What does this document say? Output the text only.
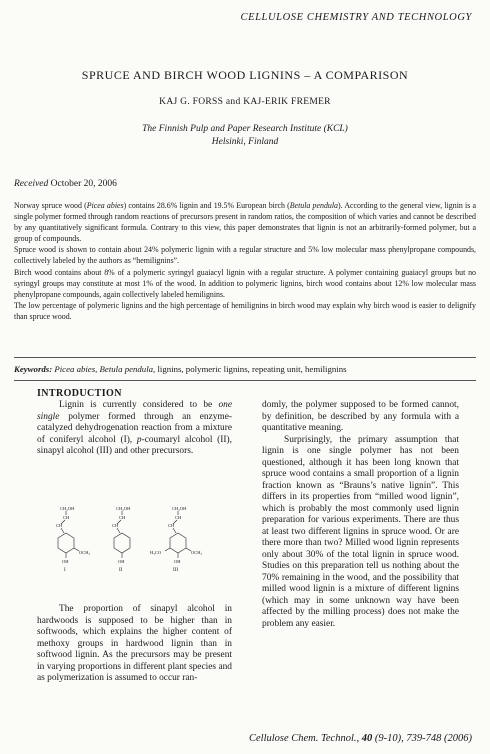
CELLULOSE CHEMISTRY AND TECHNOLOGY
SPRUCE AND BIRCH WOOD LIGNINS – A COMPARISON
KAJ G. FORSS and KAJ-ERIK FREMER
The Finnish Pulp and Paper Research Institute (KCL)
Helsinki, Finland
Received October 20, 2006

Norway spruce wood (Picea abies) contains 28.6% lignin and 19.5% European birch (Betula pendula). According to the general view, lignin is a single polymer formed through random reactions of precursors present in random ratios, the composition of which varies and cannot be described by any quantitatively significant formula. Contrary to this view, this paper demonstrates that lignin is not an arbitrarily-formed polymer, but a group of compounds.

Spruce wood is shown to contain about 24% polymeric lignin with a regular structure and 5% low molecular mass phenylpropane compounds, collectively labeled by the authors as “hemilignins”.

Birch wood contains about 8% of a polymeric syringyl guaiacyl lignin with a regular structure. A polymer containing guaiacyl groups but no syringyl groups may constitute at most 1% of the wood. In addition to polymeric lignins, birch wood contains about 12% low molecular mass phenylpropane compounds, again collectively labeled hemilignins.

The low percentage of polymeric lignins and the high percentage of hemilignins in birch wood may explain why birch wood is easier to delignify than spruce wood.

Keywords: Picea abies, Betula pendula, lignins, polymeric lignins, repeating unit, hemilignins
INTRODUCTION

Lignin is currently considered to be one single polymer formed through an enzyme-catalyzed dehydrogenation reaction from a mixture of coniferyl alcohol (I), p-coumaryl alcohol (II), sinapyl alcohol (III) and other precursors.

CH₂OH
CH
CH
OCH₃
OH
I
CH₂OH
CH
CH
OH
II
CH₂OH
CH
CH
H₃CO	OCH₃
OH
III

The proportion of sinapyl alcohol in hardwoods is supposed to be higher than in softwoods, which explains the higher content of methoxy groups in hardwood lignin than in softwood lignin. As the precursors may be present in varying proportions in different plant species and as polymerization is assumed to occur ran-

domly, the polymer supposed to be formed cannot, by definition, be described by any formula with a quantitative meaning.

Surprisingly, the primary assumption that lignin is one single polymer has not been questioned, although it has been long known that spruce wood contains a small proportion of a lignin fraction known as “Brauns’s native lignin”. This differs in its properties from “milled wood lignin”, which is probably the most commonly used lignin preparation for various experiments. There are thus at least two different lignins in spruce wood. Or are there more than two? Milled wood lignin represents only about 30% of the total lignin in spruce wood. Studies on this preparation tell us nothing about the 70% remaining in the wood, and the possibility that milled wood lignin is a mixture of different lignins (which may in some unknown way have been affected by the milling process) does not make the problem any easier.

Cellulose Chem. Technol., 40 (9-10), 739-748 (2006)
